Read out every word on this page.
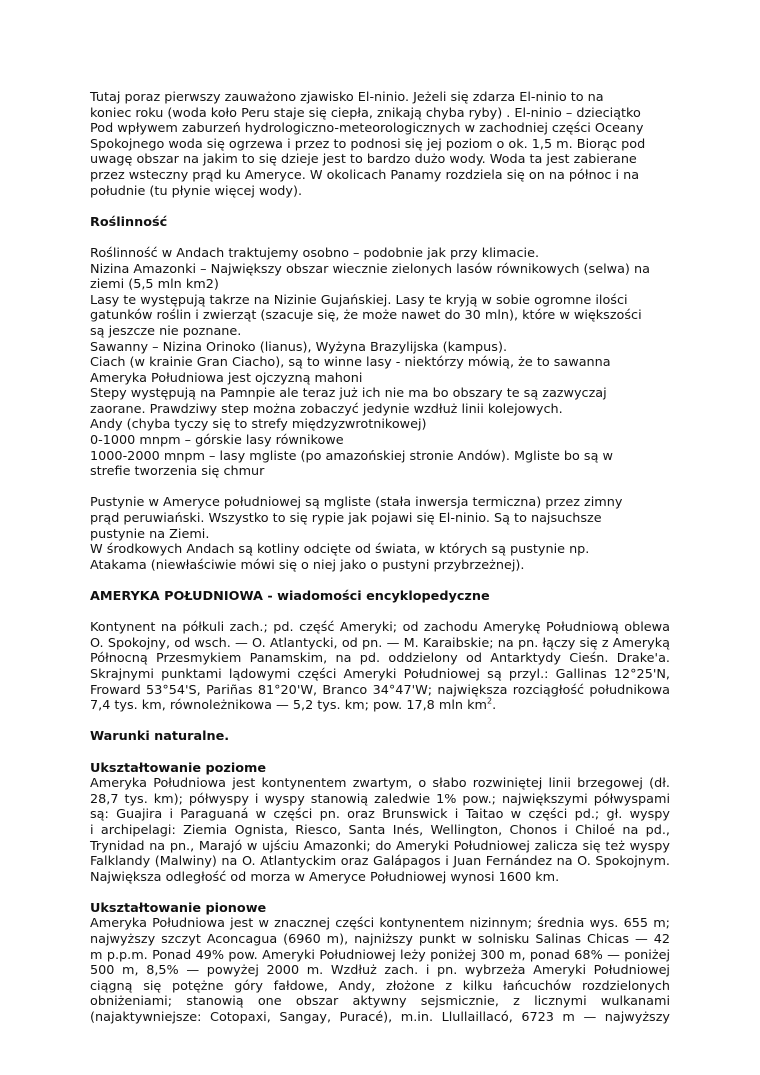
Tutaj poraz pierwszy zauważono zjawisko El-ninio. Jeżeli się zdarza El-ninio to na

koniec roku (woda koło Peru staje się ciepła, znikają chyba ryby) . El-ninio – dzieciątko

Pod wpływem zaburzeń hydrologiczno-meteorologicznych w zachodniej części Oceany

Spokojnego woda się ogrzewa i przez to podnosi się jej poziom o ok. 1,5 m. Biorąc pod

uwagę obszar na jakim to się dzieje jest to bardzo dużo wody. Woda ta jest zabierane

przez wsteczny prąd ku Ameryce. W okolicach Panamy rozdziela się on na północ i na

południe (tu płynie więcej wody).

Roślinność

Roślinność w Andach traktujemy osobno – podobnie jak przy klimacie.

Nizina Amazonki – Największy obszar wiecznie zielonych lasów równikowych (selwa) na

ziemi (5,5 mln km2)

Lasy te występują takrze na Nizinie Gujańskiej. Lasy te kryją w sobie ogromne ilości

gatunków roślin i zwierząt (szacuje się, że może nawet do 30 mln), które w większości

są jeszcze nie poznane.

Sawanny – Nizina Orinoko (lianus), Wyżyna Brazylijska (kampus).

Ciach (w krainie Gran Ciacho), są to winne lasy - niektórzy mówią, że to sawanna

Ameryka Południowa jest ojczyzną mahoni

Stepy występują na Pamnpie ale teraz już ich nie ma bo obszary te są zazwyczaj

zaorane. Prawdziwy step można zobaczyć jedynie wzdłuż linii kolejowych.

Andy (chyba tyczy się to strefy międzyzwrotnikowej)

0-1000 mnpm – górskie lasy równikowe

1000-2000 mnpm – lasy mgliste (po amazońskiej stronie Andów). Mgliste bo są w

strefie tworzenia się chmur

Pustynie w Ameryce południowej są mgliste (stała inwersja termiczna) przez zimny

prąd peruwiański. Wszystko to się rypie jak pojawi się El-ninio. Są to najsuchsze

pustynie na Ziemi.

W środkowych Andach są kotliny odcięte od świata, w których są pustynie np.

Atakama (niewłaściwie mówi się o niej jako o pustyni przybrzeżnej).

AMERYKA POŁUDNIOWA - wiadomości encyklopedyczne

Kontynent na półkuli zach.; pd. część Ameryki; od zachodu Amerykę Południową oblewa
O. Spokojny, od wsch. — O. Atlantycki, od pn. — M. Karaibskie; na pn. łączy się z Ameryką
Północną Przesmykiem Panamskim, na pd. oddzielony od Antarktydy Cieśn. Drake'a.
Skrajnymi punktami lądowymi części Ameryki Południowej są przyl.: Gallinas 12°25'N,
Froward 53°54'S, Pariñas 81°20'W, Branco 34°47'W; największa rozciągłość południkowa
7,4 tys. km, równoleżnikowa — 5,2 tys. km; pow. 17,8 mln $km^2$.

Warunki naturalne.

Ukształtowanie poziome

Ameryka Południowa jest kontynentem zwartym, o słabo rozwiniętej linii brzegowej (dł.
28,7 tys. km); półwyspy i wyspy stanowią zaledwie 1% pow.; największymi półwyspami
są: Guajira i Paraguaná w części pn. oraz Brunswick i Taitao w części pd.; gł. wyspy
i archipelagi: Ziemia Ognista, Riesco, Santa Inés, Wellington, Chonos i Chiloé na pd.,
Trynidad na pn., Marajó w ujściu Amazonki; do Ameryki Południowej zalicza się też wyspy
Falklandy (Malwiny) na O. Atlantyckim oraz Galápagos i Juan Fernández na O. Spokojnym.
Największa odległość od morza w Ameryce Południowej wynosi 1600 km.

Ukształtowanie pionowe

Ameryka Południowa jest w znacznej części kontynentem nizinnym; średnia wys. 655 m;
najwyższy szczyt Aconcagua (6960 m), najniższy punkt w solnisku Salinas Chicas — 42
m p.p.m. Ponad 49% pow. Ameryki Południowej leży poniżej 300 m, ponad 68% — poniżej
500 m, 8,5% — powyżej 2000 m. Wzdłuż zach. i pn. wybrzeża Ameryki Południowej
ciągną się potężne góry fałdowe, Andy, złożone z kilku łańcuchów rozdzielonych
obniżeniami; stanowią one obszar aktywny sejsmicznie, z licznymi wulkanami
(najaktywniejsze: Cotopaxi, Sangay, Puracé), m.in. Llullaillacó, 6723 m — najwyższy
